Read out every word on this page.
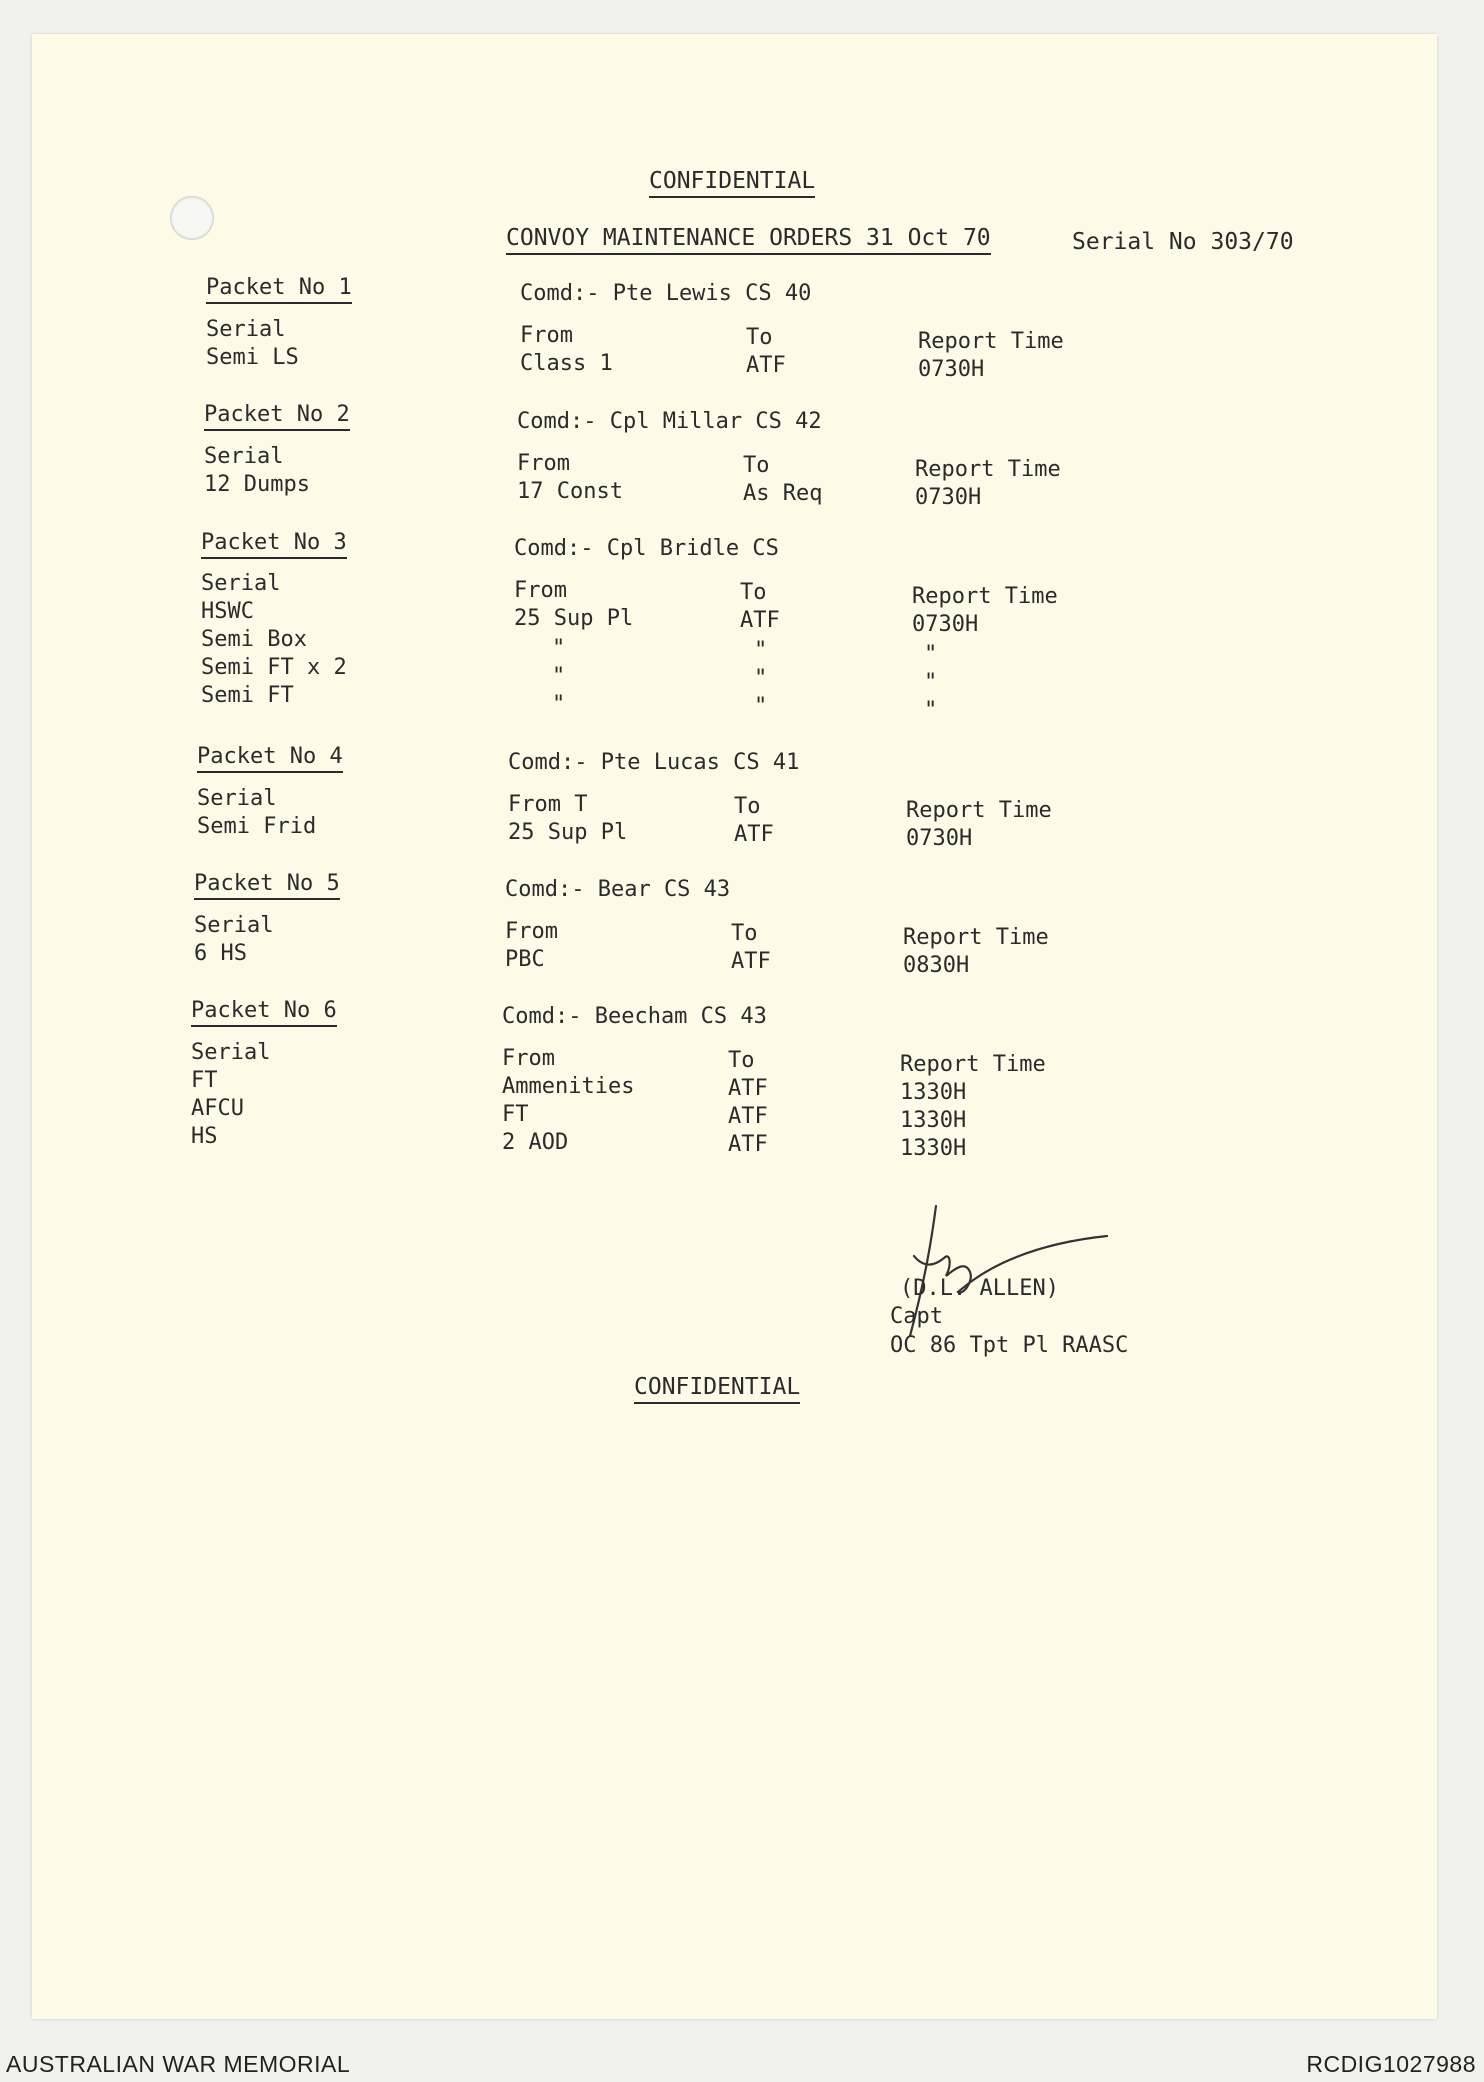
CONFIDENTIAL
CONVOY MAINTENANCE ORDERS 31 Oct 70	Serial No 303/70
Packet No 1
Serial
Semi LS
Comd:- Pte Lewis CS 40
From
Class 1
To
ATF
Report Time
0730H
Packet No 2
Serial
12 Dumps
Comd:- Cpl Millar CS 42
From
17 Const
To
As Req
Report Time
0730H
Packet No 3
Serial
HSWC
Semi Box
Semi FT x 2
Semi FT
Comd:- Cpl Bridle CS
From
25 Sup Pl
"
"
"
To
ATF
"
"
"
Report Time
0730H
"
"
"
Packet No 4
Serial
Semi Frid
Comd:- Pte Lucas CS 41
From T
25 Sup Pl
To
ATF
Report Time
0730H
Packet No 5
Serial
6 HS
Comd:- Bear CS 43
From
PBC
To
ATF
Report Time
0830H
Packet No 6
Serial
FT
AFCU
HS
Comd:- Beecham CS 43
From
Ammenities
FT
2 AOD
To
ATF
ATF
ATF
Report Time
1330H
1330H
1330H
(D.L. ALLEN)
Capt
OC 86 Tpt Pl RAASC
CONFIDENTIAL
AUSTRALIAN WAR MEMORIAL	RCDIG1027988
